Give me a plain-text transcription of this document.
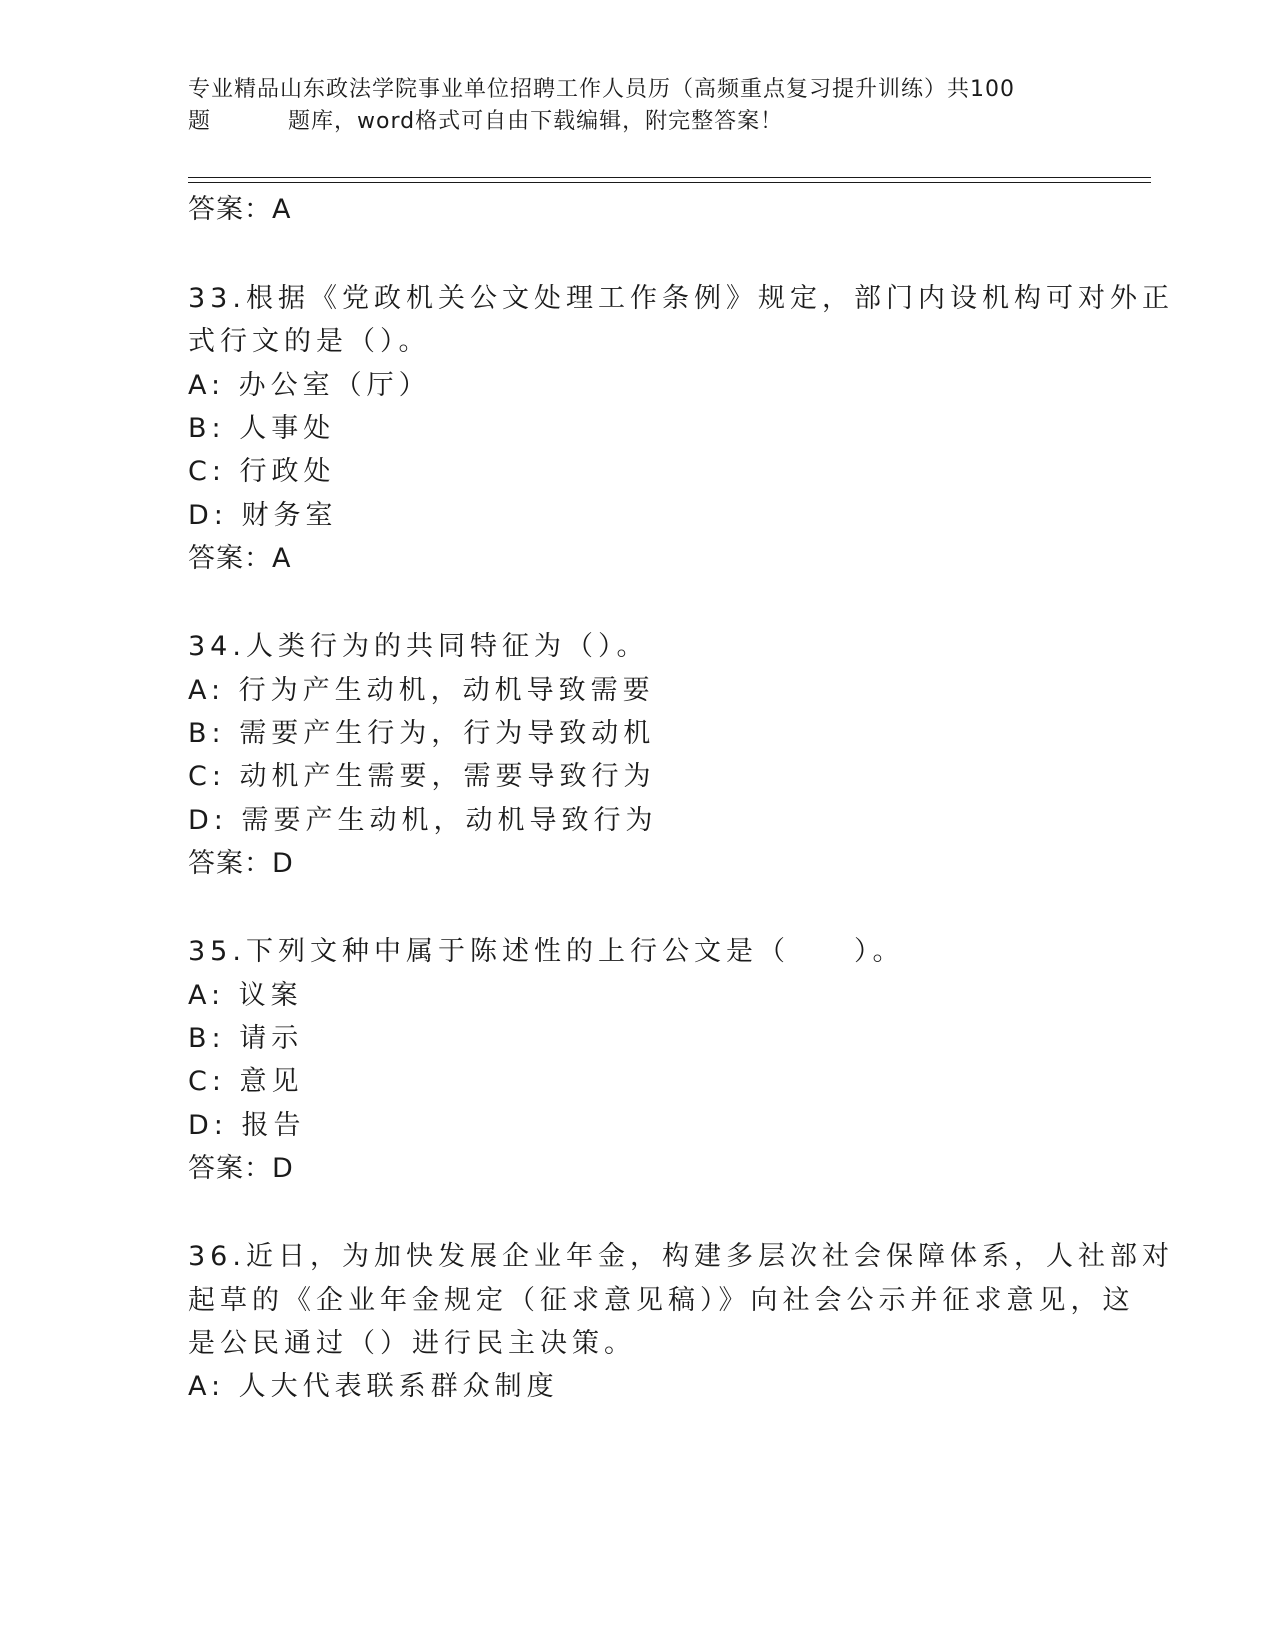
专业精品山东政法学院事业单位招聘工作人员历（高频重点复习提升训练）共100
题	题库，word格式可自由下载编辑，附完整答案！
答案：A
33.根据《党政机关公文处理工作条例》规定，部门内设机构可对外正
式行文的是（）。
A: 办公室（厅）
B: 人事处
C: 行政处
D: 财务室
答案：A
34.人类行为的共同特征为（）。
A: 行为产生动机，动机导致需要
B: 需要产生行为，行为导致动机
C: 动机产生需要，需要导致行为
D: 需要产生动机，动机导致行为
答案：D
35.下列文种中属于陈述性的上行公文是（　　）。
A: 议案
B: 请示
C: 意见
D: 报告
答案：D
36.近日，为加快发展企业年金，构建多层次社会保障体系，人社部对
起草的《企业年金规定（征求意见稿）》向社会公示并征求意见，这
是公民通过（）进行民主决策。
A: 人大代表联系群众制度
